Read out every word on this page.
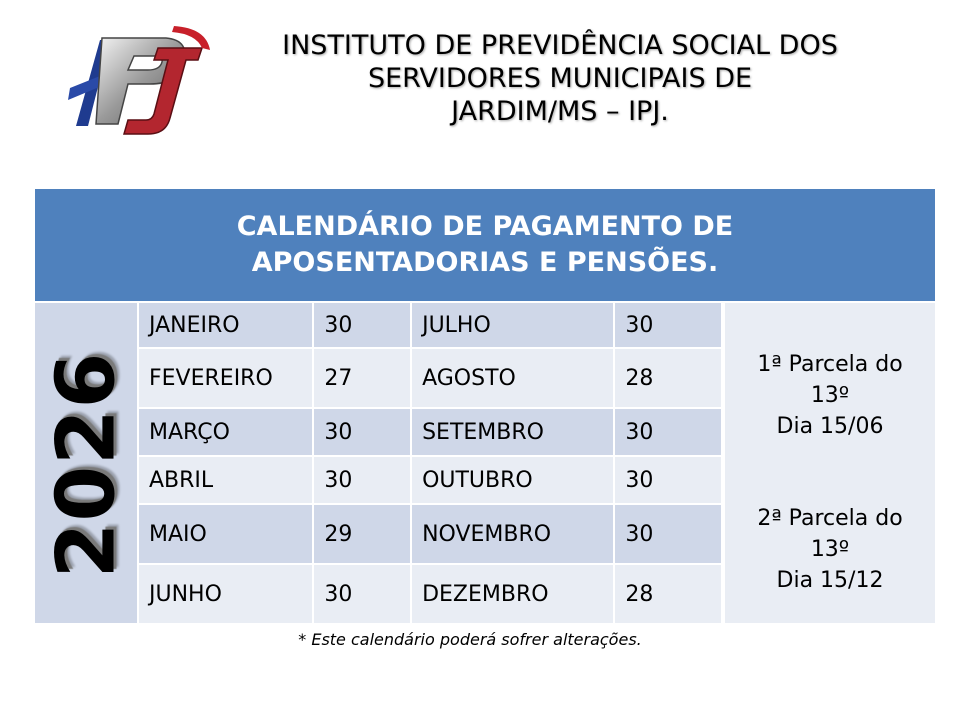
INSTITUTO DE PREVIDÊNCIA SOCIAL DOS
SERVIDORES MUNICIPAIS DE
JARDIM/MS – IPJ.
CALENDÁRIO DE PAGAMENTO DE
APOSENTADORIAS E PENSÕES.
2026
JANEIRO	30	JULHO	30
FEVEREIRO	27	AGOSTO	28
MARÇO	30	SETEMBRO	30
ABRIL	30	OUTUBRO	30
MAIO	29	NOVEMBRO	30
JUNHO	30	DEZEMBRO	28
1ª Parcela do
13º
Dia 15/06
2ª Parcela do
13º
Dia 15/12
* Este calendário poderá sofrer alterações.
